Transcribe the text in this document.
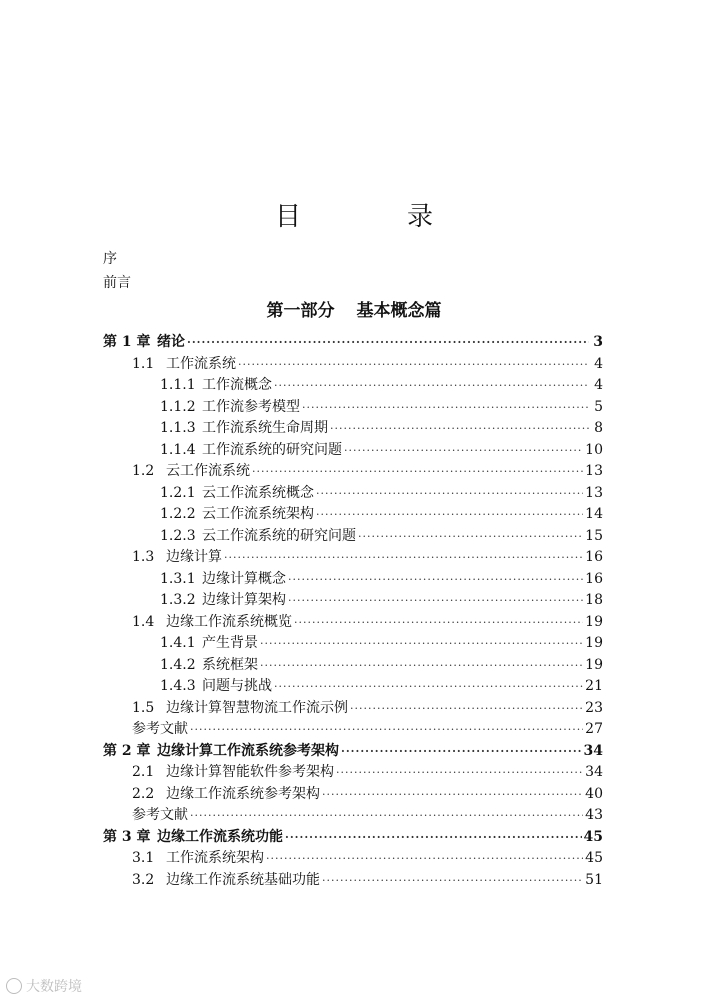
目　录
序
前言
第一部分 基本概念篇
第 1 章 绪论 ·····	3
1.1 工作流系统 ·····	4
1.1.1 工作流概念 ·····	4
1.1.2 工作流参考模型 ·····	5
1.1.3 工作流系统生命周期 ·····	8
1.1.4 工作流系统的研究问题 ·····	10
1.2 云工作流系统 ·····	13
1.2.1 云工作流系统概念 ·····	13
1.2.2 云工作流系统架构 ·····	14
1.2.3 云工作流系统的研究问题 ·····	15
1.3 边缘计算 ·····	16
1.3.1 边缘计算概念 ·····	16
1.3.2 边缘计算架构 ·····	18
1.4 边缘工作流系统概览 ·····	19
1.4.1 产生背景 ·····	19
1.4.2 系统框架 ·····	19
1.4.3 问题与挑战 ·····	21
1.5 边缘计算智慧物流工作流示例 ·····	23
参考文献 ·····	27
第 2 章 边缘计算工作流系统参考架构 ·····	34
2.1 边缘计算智能软件参考架构 ·····	34
2.2 边缘工作流系统参考架构 ·····	40
参考文献 ·····	43
第 3 章 边缘工作流系统功能 ·····	45
3.1 工作流系统架构 ·····	45
3.2 边缘工作流系统基础功能 ·····	51
大数跨境
